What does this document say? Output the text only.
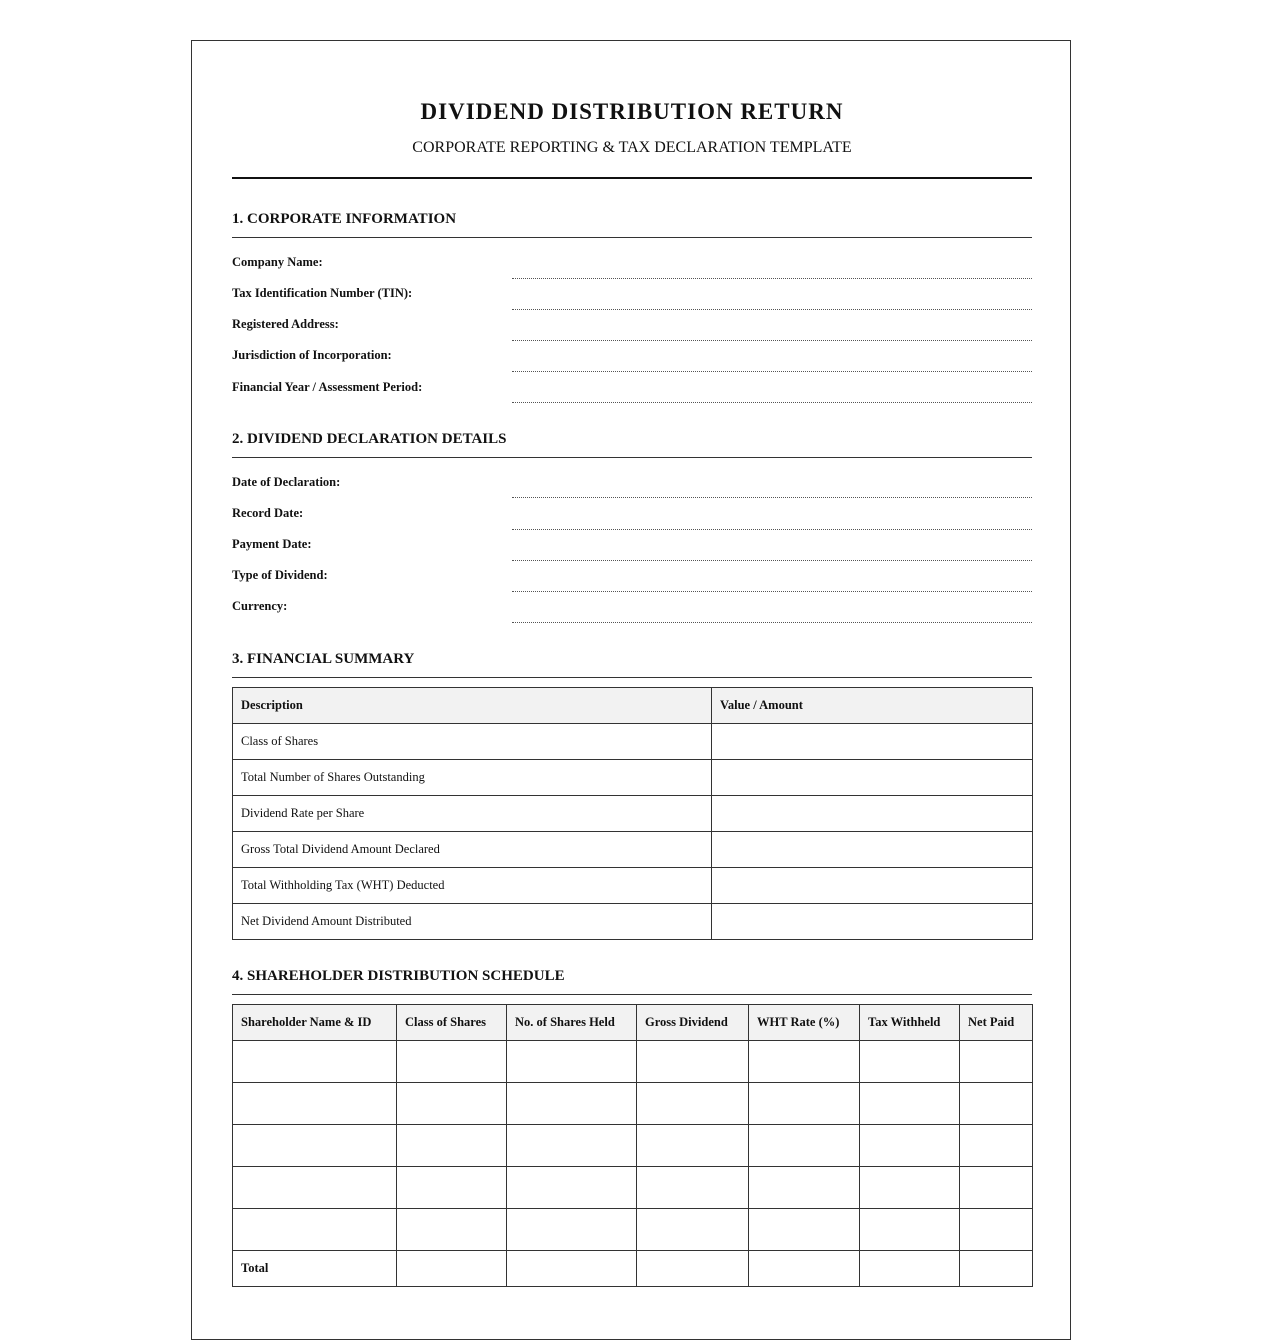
DIVIDEND DISTRIBUTION RETURN
CORPORATE REPORTING & TAX DECLARATION TEMPLATE
1. CORPORATE INFORMATION
Company Name:
Tax Identification Number (TIN):
Registered Address:
Jurisdiction of Incorporation:
Financial Year / Assessment Period:
2. DIVIDEND DECLARATION DETAILS
Date of Declaration:
Record Date:
Payment Date:
Type of Dividend:
Currency:
3. FINANCIAL SUMMARY
Description	Value / Amount
Class of Shares	
Total Number of Shares Outstanding	
Dividend Rate per Share	
Gross Total Dividend Amount Declared	
Total Withholding Tax (WHT) Deducted	
Net Dividend Amount Distributed	
4. SHAREHOLDER DISTRIBUTION SCHEDULE
Shareholder Name & ID	Class of Shares	No. of Shares Held	Gross Dividend	WHT Rate (%)	Tax Withheld	Net Paid

Total						
